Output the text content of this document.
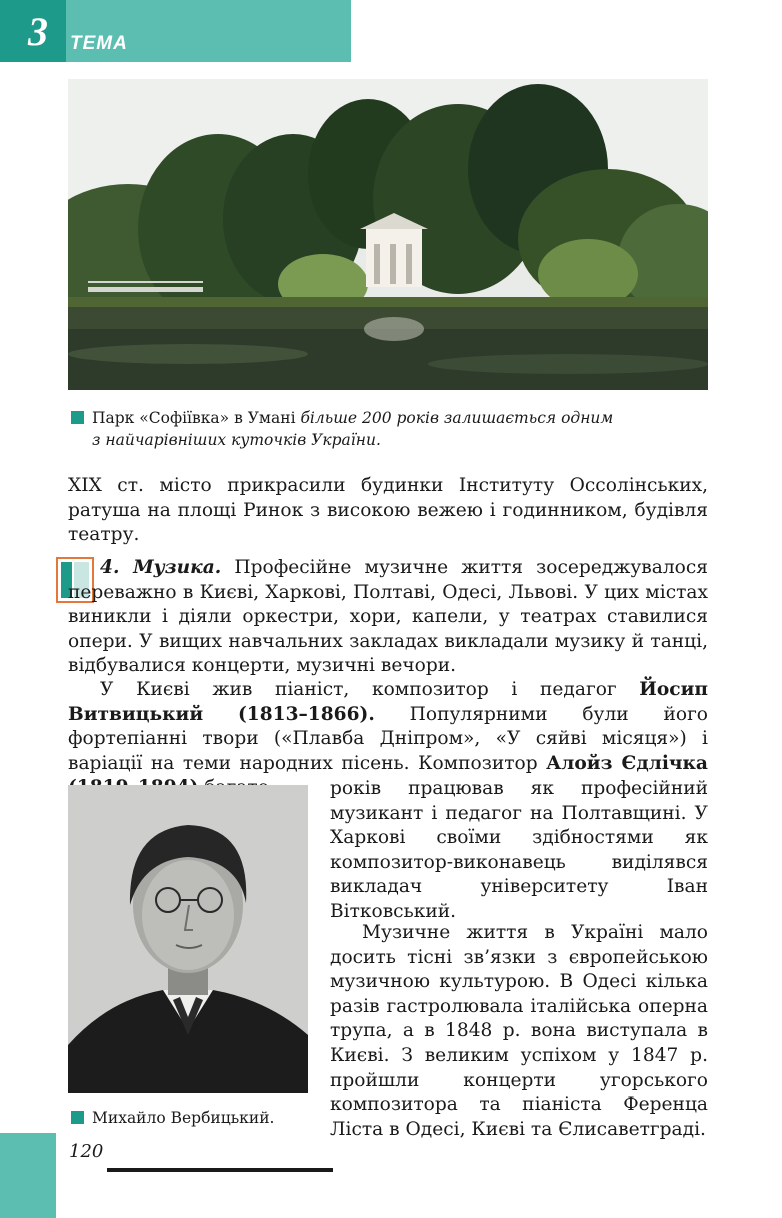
3 ТЕМА
Парк «Софіївка» в Умані більше 200 років залишається одним
з найчарівніших куточків України.
XIX ст. місто прикрасили будинки Інституту Оссолінських, ратуша на площі Ринок з високою вежею і годинником, будівля театру.
4. Музика. Професійне музичне життя зосереджувалося переважно в Києві, Харкові, Полтаві, Одесі, Львові. У цих містах виникли і діяли оркестри, хори, капели, у театрах ставилися опери. У вищих навчальних закладах викладали музику й танці, відбувалися концерти, музичні вечори.
У Києві жив піаніст, композитор і педагог Йосип Витвицький (1813–1866). Популярними були його фортепіанні твори («Плавба Дніпром», «У сяйві місяця») і варіації на теми народних пісень. Композитор Алойз Єдлічка
Михайло Вербицький.
років працював як професійний музикант і педагог на Полтавщині. У Харкові своїми здібностями як композитор-виконавець виділявся викладач університету Іван Вітковський.
Музичне життя в Україні мало досить тісні зв’язки з європейською музичною культурою. В Одесі кілька разів гастролювала італійська оперна трупа, а в 1848 р. вона виступала в Києві. З великим успіхом у 1847 р. пройшли концерти угорського композитора та піаніста Ференца Ліста в Одесі, Києві та Єлисаветграді.
120
